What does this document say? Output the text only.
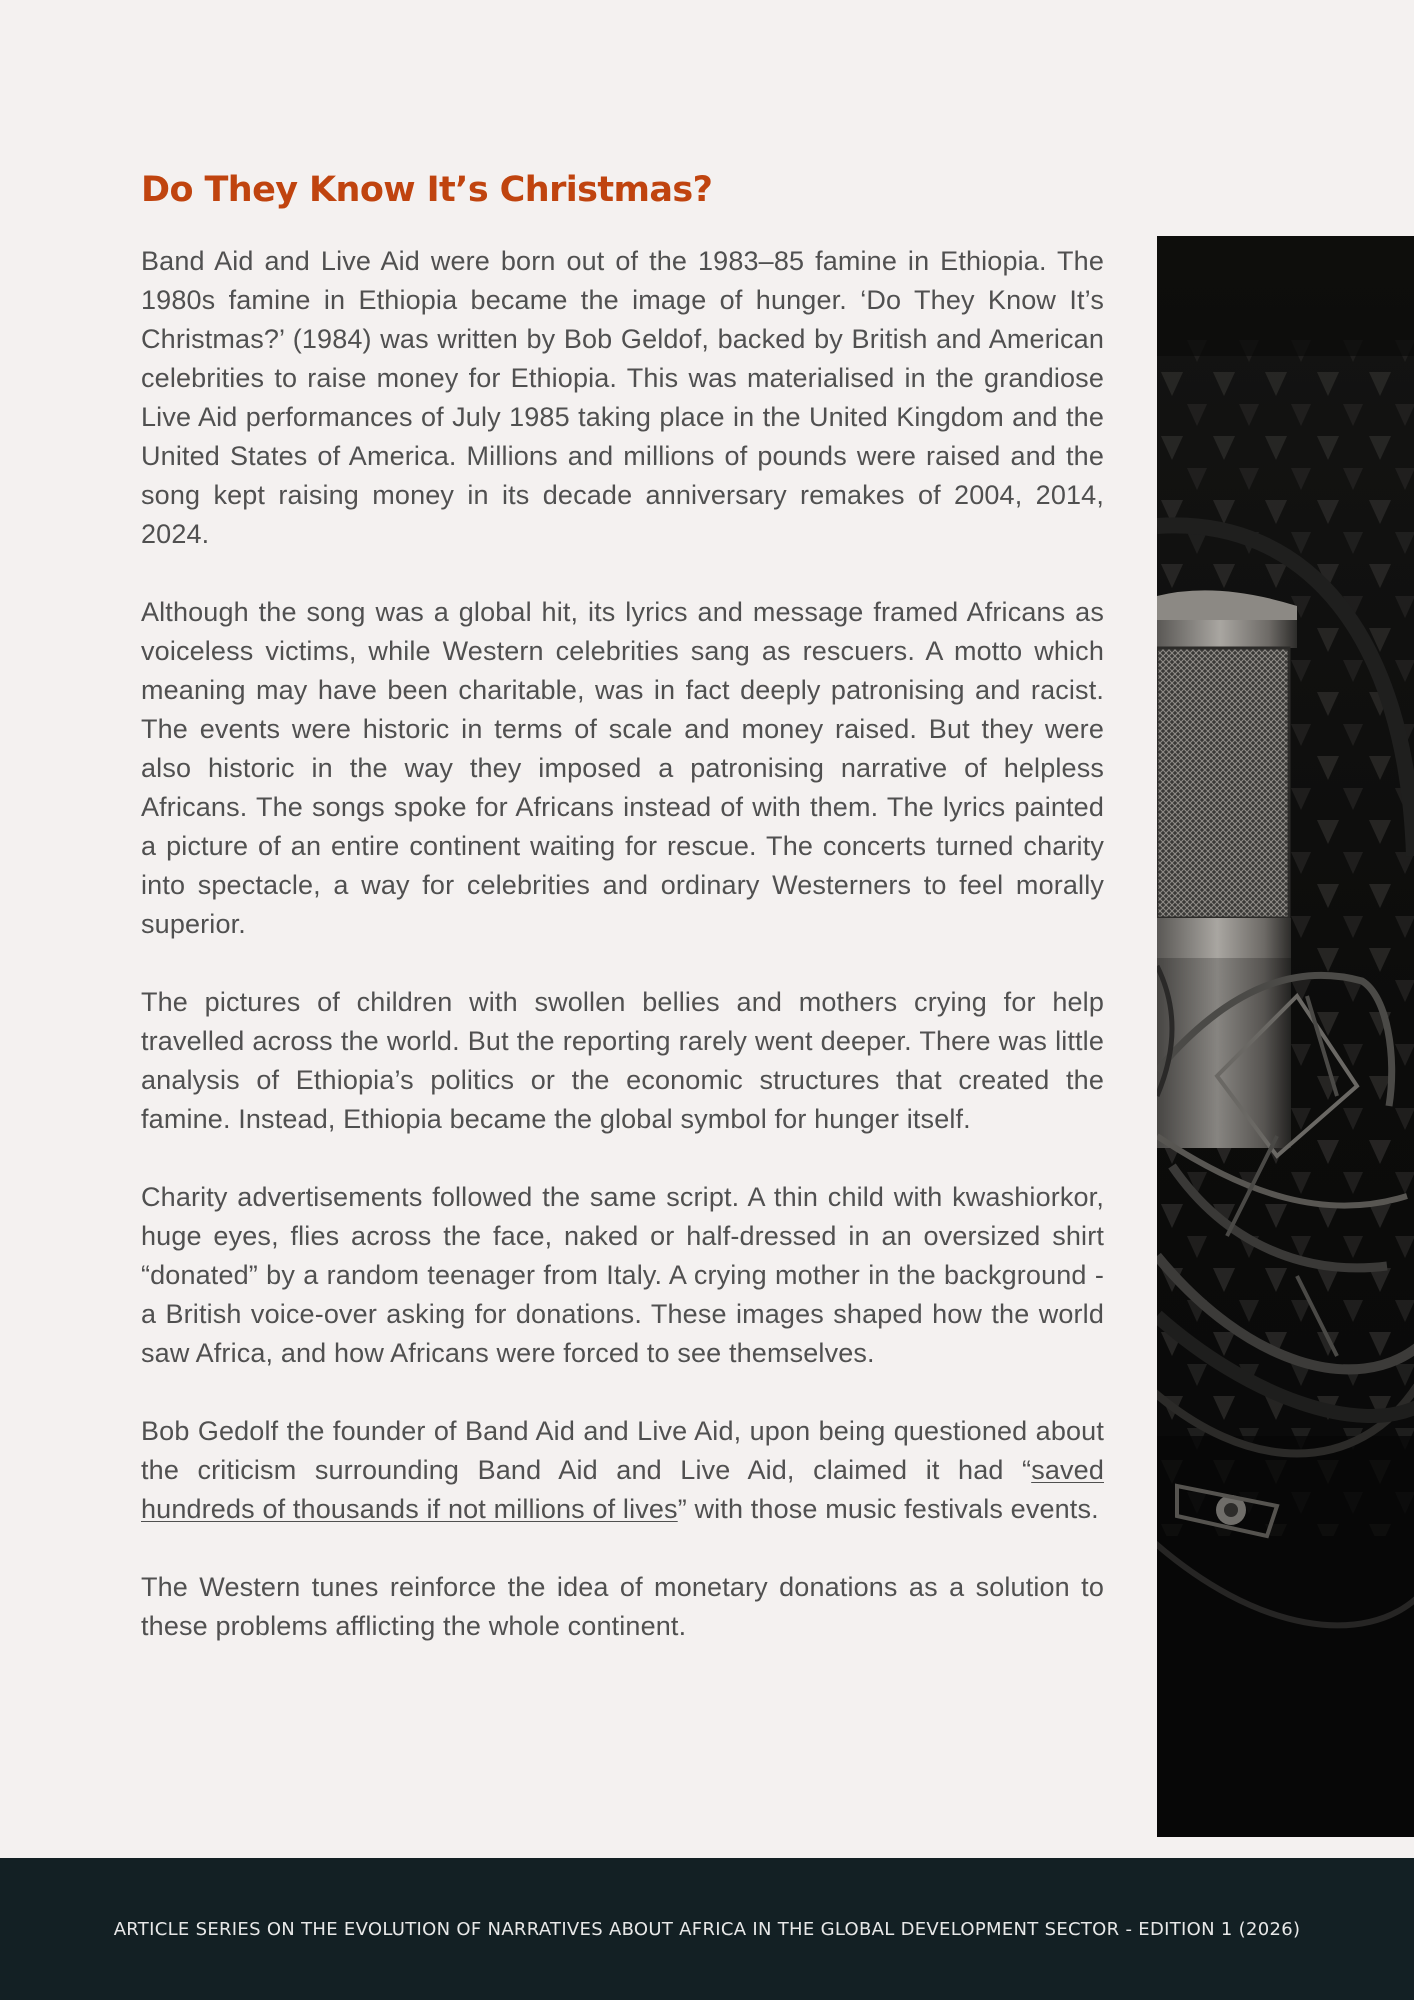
Do They Know It’s Christmas?

Band Aid and Live Aid were born out of the 1983–85 famine in Ethiopia. The 1980s famine in Ethiopia became the image of hunger. ‘Do They Know It’s Christmas?’ (1984) was written by Bob Geldof, backed by British and American celebrities to raise money for Ethiopia. This was materialised in the grandiose Live Aid performances of July 1985 taking place in the United Kingdom and the United States of America. Millions and millions of pounds were raised and the song kept raising money in its decade anniversary remakes of 2004, 2014, 2024.

Although the song was a global hit, its lyrics and message framed Africans as voiceless victims, while Western celebrities sang as rescuers. A motto which meaning may have been charitable, was in fact deeply patronising and racist. The events were historic in terms of scale and money raised. But they were also historic in the way they imposed a patronising narrative of helpless Africans. The songs spoke for Africans instead of with them. The lyrics painted a picture of an entire continent waiting for rescue. The concerts turned charity into spectacle, a way for celebrities and ordinary Westerners to feel morally superior.

The pictures of children with swollen bellies and mothers crying for help travelled across the world. But the reporting rarely went deeper. There was little analysis of Ethiopia’s politics or the economic structures that created the famine. Instead, Ethiopia became the global symbol for hunger itself.

Charity advertisements followed the same script. A thin child with kwashiorkor, huge eyes, flies across the face, naked or half-dressed in an oversized shirt “donated” by a random teenager from Italy. A crying mother in the background - a British voice-over asking for donations. These images shaped how the world saw Africa, and how Africans were forced to see themselves.

Bob Gedolf the founder of Band Aid and Live Aid, upon being questioned about the criticism surrounding Band Aid and Live Aid, claimed it had “saved hundreds of thousands if not millions of lives” with those music festivals events.

The Western tunes reinforce the idea of monetary donations as a solution to these problems afflicting the whole continent.

ARTICLE SERIES ON THE EVOLUTION OF NARRATIVES ABOUT AFRICA IN THE GLOBAL DEVELOPMENT SECTOR - EDITION 1 (2026)
